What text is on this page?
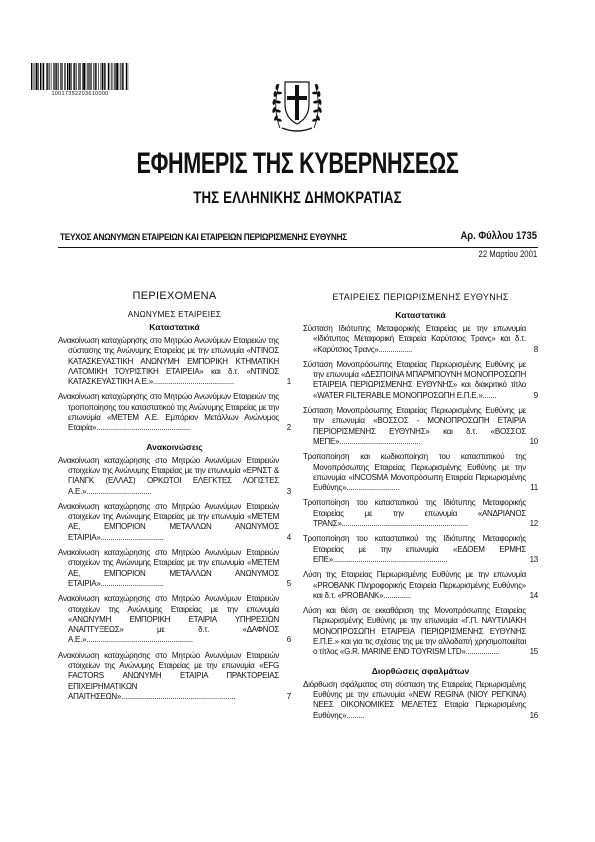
10017352203610000
ΕΦΗΜΕΡΙΣ ΤΗΣ ΚΥΒΕΡΝΗΣΕΩΣ
ΤΗΣ ΕΛΛΗΝΙΚΗΣ ΔΗΜΟΚΡΑΤΙΑΣ
ΤΕΥΧΟΣ ΑΝΩΝΥΜΩΝ ΕΤΑΙΡΕΙΩΝ ΚΑΙ ΕΤΑΙΡΕΙΩΝ ΠΕΡΙΩΡΙΣΜΕΝΗΣ ΕΥΘΥΝΗΣ	Αρ. Φύλλου 1735
22 Μαρτίου 2001
ΠΕΡΙΕΧΟΜΕΝΑ
ΑΝΩΝΥΜΕΣ ΕΤΑΙΡΕΙΕΣ
Καταστατικά
Ανακοίνωση καταχώρησης στο Μητρώο Ανωνύμων Εταιρειών της σύστασης της Ανώνυμης Εταιρείας με την επωνυμία «ΝΤΙΝΟΣ ΚΑΤΑΣΚΕΥΑΣΤΙΚΗ ΑΝΩΝΥΜΗ ΕΜΠΟΡΙΚΗ ΚΤΗΜΑΤΙΚΗ ΛΑΤΟΜΙΚΗ ΤΟΥΡΙΣΤΙΚΗ ΕΤΑΙΡΕΙΑ» και δ.τ. «ΝΤΙΝΟΣ ΚΑΤΑΣΚΕΥΑΣΤΙΚΗ Α.Ε.».........................................	1
Ανακοίνωση καταχώρησης στο Μητρώο Ανωνύμων Εταιρειών της τροποποίησης του καταστατικού της Ανώνυμης Εταιρείας με την επωνυμία «ΜΕΤΕΜ Α.Ε. Εμπόριον Μετάλλων Ανώνυμος Εταιρία»................................................	2
Ανακοινώσεις
Ανακοίνωση καταχώρησης στο Μητρώο Ανωνύμων Εταιρειών στοιχείων της Ανώνυμης Εταιρείας με την επωνυμία «ΕΡΝΣΤ & ΓΙΑΝΓΚ (ΕΛΛΑΣ) ΟΡΚΩΤΟΙ ΕΛΕΓΚΤΕΣ ΛΟΓΙΣΤΕΣ Α.Ε.».................................	3
Ανακοίνωση καταχώρησης στο Μητρώο Ανωνύμων Εταιρειών στοιχείων της Ανώνυμης Εταιρείας με την επωνυμία «ΜΕΤΕΜ ΑΕ, ΕΜΠΟΡΙΟΝ ΜΕΤΑΛΛΩΝ ΑΝΩΝΥΜΟΣ ΕΤΑΙΡΙΑ»................................	4
Ανακοίνωση καταχώρησης στο Μητρώο Ανωνύμων Εταιρειών στοιχείων της Ανώνυμης Εταιρείας με την επωνυμία «ΜΕΤΕΜ ΑΕ, ΕΜΠΟΡΙΟΝ ΜΕΤΑΛΛΩΝ ΑΝΩΝΥΜΟΣ ΕΤΑΙΡΙΑ»................................	5
Ανακοίνωση καταχώρησης στο Μητρώο Ανωνύμων Εταιρειών στοιχείων της Ανώνυμης Εταιρείας με την επωνυμία «ΑΝΩΝΥΜΗ ΕΜΠΟΡΙΚΗ ΕΤΑΙΡΙΑ ΥΠΗΡΕΣΙΩΝ ΑΝΑΠΤΥΞΕΩΣ» με δ.τ. «ΔΑΦΝΟΣ Α.Ε.»......................................................	6
Ανακοίνωση καταχώρησης στο Μητρώο Ανωνύμων Εταιρειών στοιχείων της Ανώνυμης Εταιρείας με την επωνυμία «EFG FACTORS ΑΝΩΝΥΜΗ ΕΤΑΙΡΙΑ ΠΡΑΚΤΟΡΕΙΑΣ ΕΠΙΧΕΙΡΗΜΑΤΙΚΩΝ ΑΠΑΙΤΗΣΕΩΝ»..........................................................	7
ΕΤΑΙΡΕΙΕΣ ΠΕΡΙΩΡΙΣΜΕΝΗΣ ΕΥΘΥΝΗΣ
Καταστατικά
Σύσταση Ιδιότυπης Μεταφορικής Εταιρείας με την επωνυμία «Ιδιότυπος Μεταφορική Εταιρεία Καρύτσιος Τρανς» και δ.τ. «Καρύτσιος Τρανς».................	8
Σύσταση Μονοπρόσωπης Εταιρείας Περιωρισμένης Ευθύνης με την επωνυμία «ΔΕΣΠΟΙΝΑ ΜΠΑΡΜΠΟΥΝΗ ΜΟΝΟΠΡΟΣΩΠΗ ΕΤΑΙΡΕΙΑ ΠΕΡΙΩΡΙΣΜΕΝΗΣ ΕΥΘΥΝΗΣ» και διακριτικό τίτλο «WATER FILTERABLE ΜΟΝΟΠΡΟΣΩΠΗ Ε.Π.Ε.».......	9
Σύσταση Μονοπρόσωπης Εταιρείας Περιωρισμένης Ευθύνης με την επωνυμία «ΒΟΣΣΟΣ - ΜΟΝΟΠΡΟΣΩΠΗ ΕΤΑΙΡΙΑ ΠΕΡΙΟΡΙΣΜΕΝΗΣ ΕΥΘΥΝΗΣ» και δ.τ. «ΒΟΣΣΟΣ ΜΕΠΕ».........................................	10
Τροποποίηση και κωδικοποίηση του καταστατικού της Μονοπρόσωπης Εταιρείας Περιωρισμένης Ευθύνης με την επωνυμία «INCOSMA Μονοπρόσωπη Εταιρεία Περιωρισμένης Ευθύνης»...........................	11
Τροποποίηση του καταστατικού της Ιδιότυπης Μεταφορικής Εταιρείας με την επωνυμία «ΑΝΔΡΙΑΝΟΣ ΤΡΑΝΣ»................................................................	12
Τροποποίηση του καταστατικού της Ιδιότυπης Μεταφορικής Εταιρείας με την επωνυμία «ΕΔΟΕΜ ΕΡΜΗΣ ΕΠΕ»..........................................................	13
Λύση της Εταιρείας Περιωρισμένης Ευθύνης με την επωνυμία «PROBANK Πληροφορικής Εταιρεία Περιωρισμένης Ευθύνης» και δ.τ. «PROBANK»..............	14
Λύση και θέση σε εκκαθάριση της Μονοπρόσωπης Εταιρείας Περιωρισμένης Ευθύνης με την επωνυμία «Γ.Π. ΝΑΥΤΙΛΙΑΚΗ ΜΟΝΟΠΡΟΣΩΠΗ ΕΤΑΙΡΕΙΑ ΠΕΡΙΩΡΙΣΜΕΝΗΣ ΕΥΘΥΝΗΣ Ε.Π.Ε.» και για τις σχέσεις της με την αλλοδαπή χρησιμοποιείται ο τίτλος «G.R. MARINE END TOYRISM LTD».................	15
Διορθώσεις σφαλμάτων
Διόρθωση σφάλματος στη σύσταση της Εταιρείας Περιωρισμένης Ευθύνης με την επωνυμία «NEW REGINA (ΝΙΟΥ ΡΕΓΚΙΝΑ) ΝΕΕΣ ΟΙΚΟΝΟΜΙΚΕΣ ΜΕΛΕΤΕΣ Εταιρία Περιωρισμένης Ευθύνης».........	16
